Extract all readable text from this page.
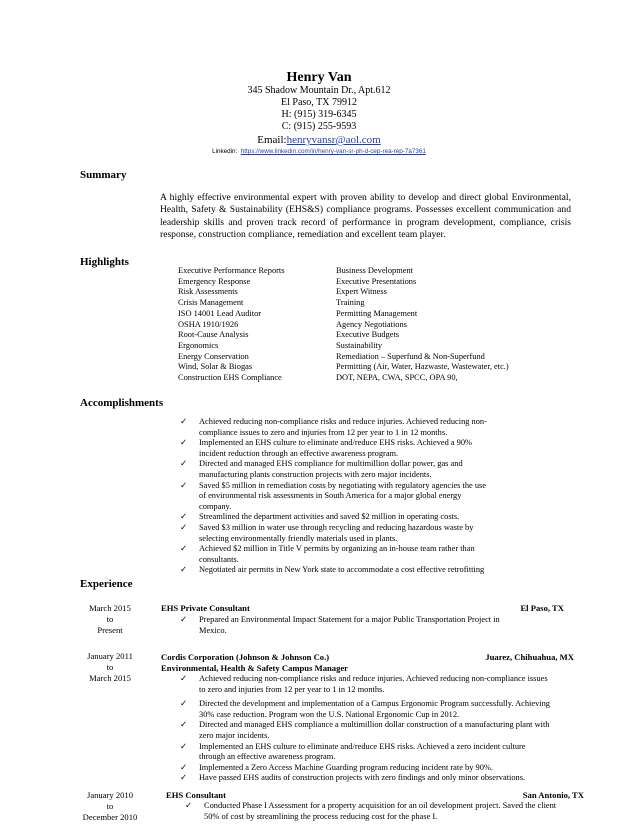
Henry Van
345 Shadow Mountain Dr., Apt.612
El Paso, TX 79912
H: (915) 319-6345
C: (915) 255-9593
Email:henryvansr@aol.com
Linkedin: https://www.linkedin.com/in/henry-van-sr-ph-d-cep-rea-rep-7a7361
Summary
A highly effective environmental expert with proven ability to develop and direct global Environmental, Health, Safety & Sustainability (EHS&S) compliance programs. Possesses excellent communication and leadership skills and proven track record of performance in program development, compliance, crisis response, construction compliance, remediation and excellent team player.
Highlights
Executive Performance Reports
Emergency Response
Risk Assessments
Crisis Management
ISO 14001 Lead Auditor
OSHA 1910/1926
Root-Cause Analysis
Ergonomics
Energy Conservation
Wind, Solar & Biogas
Construction EHS Compliance
Business Development
Executive Presentations
Expert Witness
Training
Permitting Management
Agency Negotiations
Executive Budgets
Sustainability
Remediation – Superfund & Non-Superfund
Permitting (Air, Water, Hazwaste, Wastewater, etc.)
DOT, NEPA, CWA, SPCC, OPA 90,
Accomplishments
✓ Achieved reducing non-compliance risks and reduce injuries. Achieved reducing non-
compliance issues to zero and injuries from 12 per year to 1 in 12 months.
✓ Implemented an EHS culture to eliminate and/reduce EHS risks. Achieved a 90%
incident reduction through an effective awareness program.
✓ Directed and managed EHS compliance for multimillion dollar power, gas and
manufacturing plants construction projects with zero major incidents.
✓ Saved $5 million in remediation costs by negotiating with regulatory agencies the use
of environmental risk assessments in South America for a major global energy
company.
✓ Streamlined the department activities and saved $2 million in operating costs.
✓ Saved $3 million in water use through recycling and reducing hazardous waste by
selecting environmentally friendly materials used in plants.
✓ Achieved $2 million in Title V permits by organizing an in-house team rather than
consultants.
✓ Negotiated air permits in New York state to accommodate a cost effective retrofitting
Experience
March 2015
to
Present
EHS Private Consultant	El Paso, TX
✓ Prepared an Environmental Impact Statement for a major Public Transportation Project in
Mexico.
January 2011
to
March 2015
Cordis Corporation (Johnson & Johnson Co.)
Environmental, Health & Safety Campus Manager
Juarez, Chihuahua, MX
✓ Achieved reducing non-compliance risks and reduce injuries. Achieved reducing non-compliance issues
to zero and injuries from 12 per year to 1 in 12 months.
✓ Directed the development and implementation of a Campus Ergonomic Program successfully. Achieving
30% case reduction. Program won the U.S. National Ergonomic Cup in 2012.
✓ Directed and managed EHS compliance a multimillion dollar construction of a manufacturing plant with
zero major incidents.
✓ Implemented an EHS culture to eliminate and/reduce EHS risks. Achieved a zero incident culture
through an effective awareness program.
✓ Implemented a Zero Access Machine Guarding program reducing incident rate by 90%.
✓ Have passed EHS audits of construction projects with zero findings and only minor observations.
January 2010
to
December 2010
EHS Consultant	San Antonio, TX
✓ Conducted Phase I Assessment for a property acquisition for an oil development project. Saved the client
50% of cost by streamlining the process reducing cost for the phase I.
